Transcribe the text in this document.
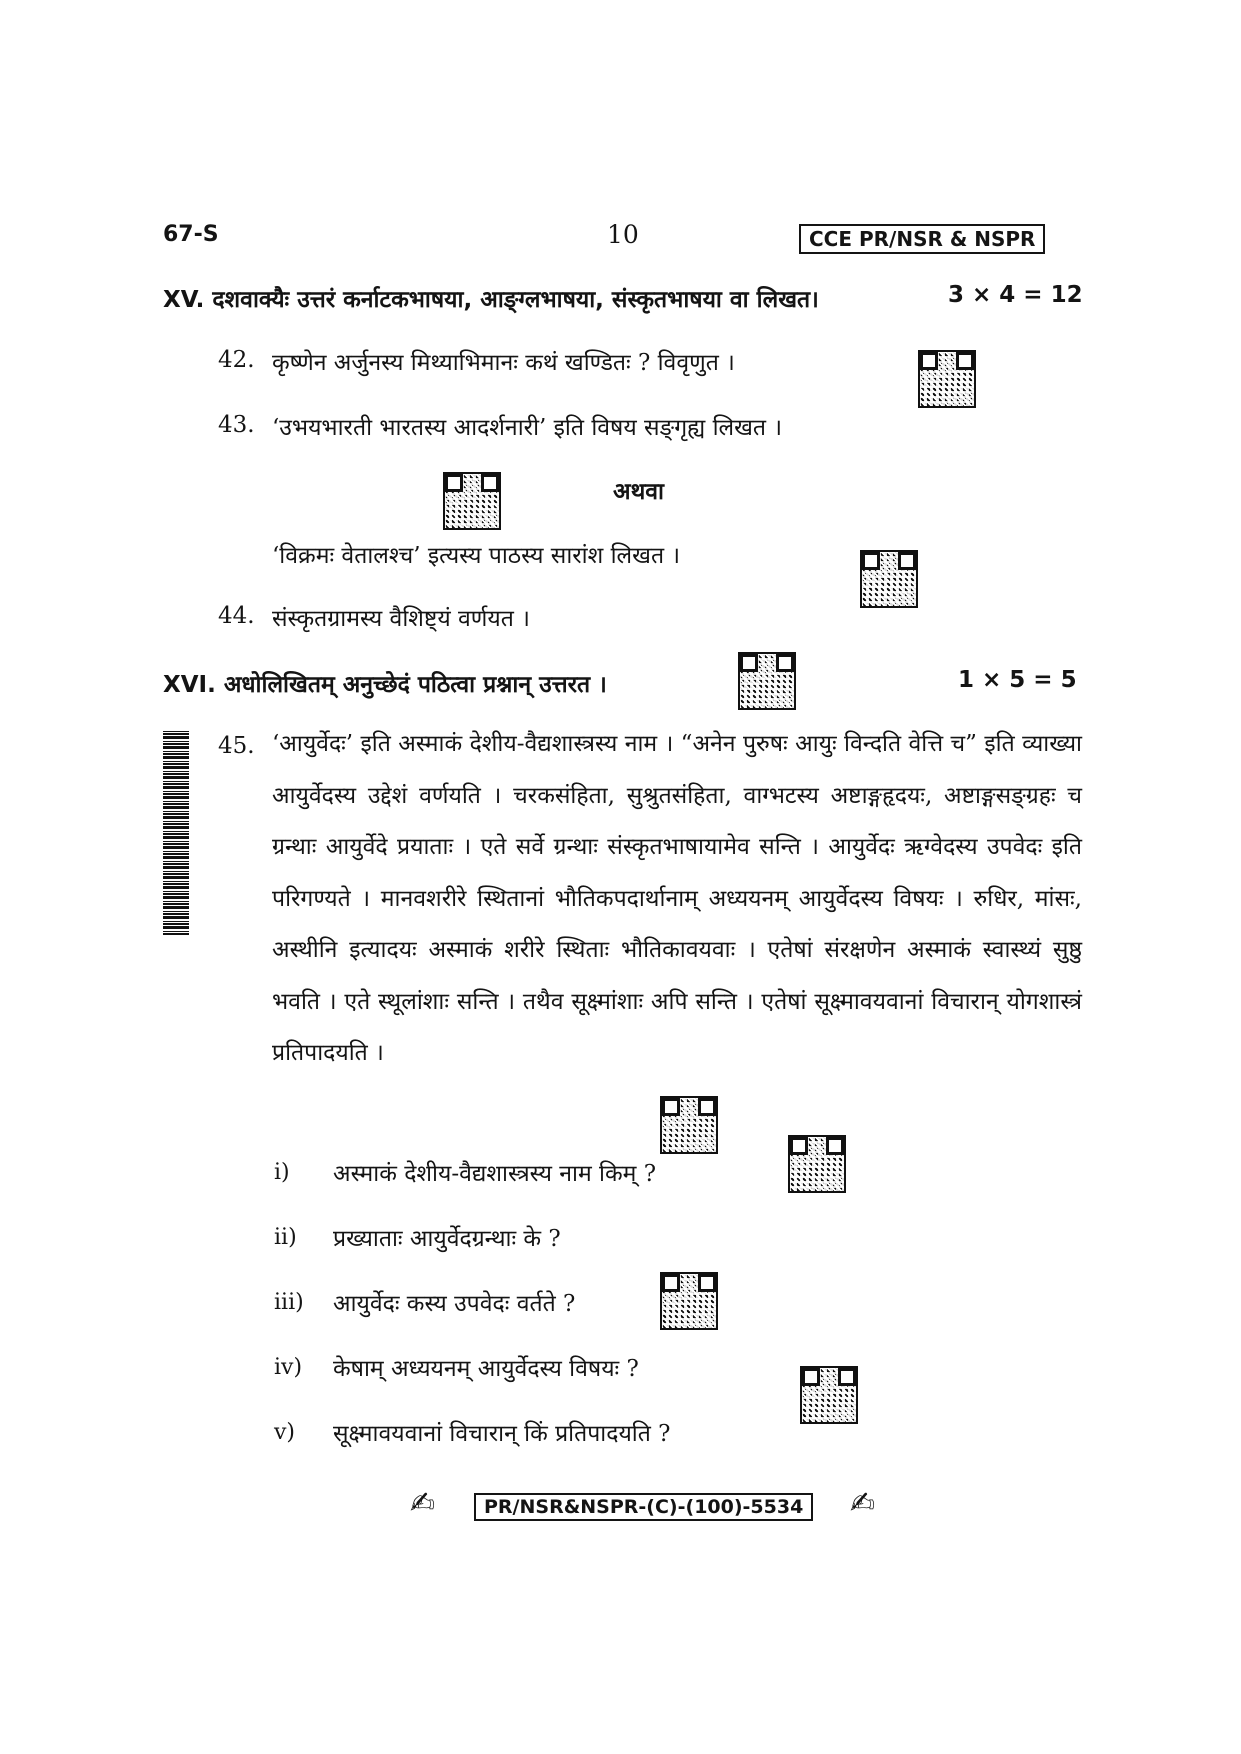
67-S	10	CCE PR/NSR & NSPR
XV. दशवाक्यैः उत्तरं कर्नाटकभाषया, आङ्ग्लभाषया, संस्कृतभाषया वा लिखत।	3 × 4 = 12
42. कृष्णेन अर्जुनस्य मिथ्याभिमानः कथं खण्डितः ? विवृणुत ।
43. ‘उभयभारती भारतस्य आदर्शनारी’ इति विषय सङ्गृह्य लिखत ।
अथवा
‘विक्रमः वेतालश्च’ इत्यस्य पाठस्य सारांश लिखत ।
44. संस्कृतग्रामस्य वैशिष्ट्यं वर्णयत ।
XVI. अधोलिखितम् अनुच्छेदं पठित्वा प्रश्नान् उत्तरत ।	1 × 5 = 5
45. ‘आयुर्वेदः’ इति अस्माकं देशीय-वैद्यशास्त्रस्य नाम । “अनेन पुरुषः आयुः विन्दति वेत्ति च” इति व्याख्या आयुर्वेदस्य उद्देशं वर्णयति । चरकसंहिता, सुश्रुतसंहिता, वाग्भटस्य अष्टाङ्गहृदयः, अष्टाङ्गसङ्ग्रहः च ग्रन्थाः आयुर्वेदे प्रयाताः । एते सर्वे ग्रन्थाः संस्कृतभाषायामेव सन्ति । आयुर्वेदः ऋग्वेदस्य उपवेदः इति परिगण्यते । मानवशरीरे स्थितानां भौतिकपदार्थानाम् अध्ययनम् आयुर्वेदस्य विषयः । रुधिर, मांसः, अस्थीनि इत्यादयः अस्माकं शरीरे स्थिताः भौतिकावयवाः । एतेषां संरक्षणेन अस्माकं स्वास्थ्यं सुष्ठु भवति । एते स्थूलांशाः सन्ति । तथैव सूक्ष्मांशाः अपि सन्ति । एतेषां सूक्ष्मावयवानां विचारान् योगशास्त्रं प्रतिपादयति ।
i) अस्माकं देशीय-वैद्यशास्त्रस्य नाम किम् ?
ii) प्रख्याताः आयुर्वेदग्रन्थाः के ?
iii) आयुर्वेदः कस्य उपवेदः वर्तते ?
iv) केषाम् अध्ययनम् आयुर्वेदस्य विषयः ?
v) सूक्ष्मावयवानां विचारान् किं प्रतिपादयति ?
✍	PR/NSR&NSPR-(C)-(100)-5534	✍
